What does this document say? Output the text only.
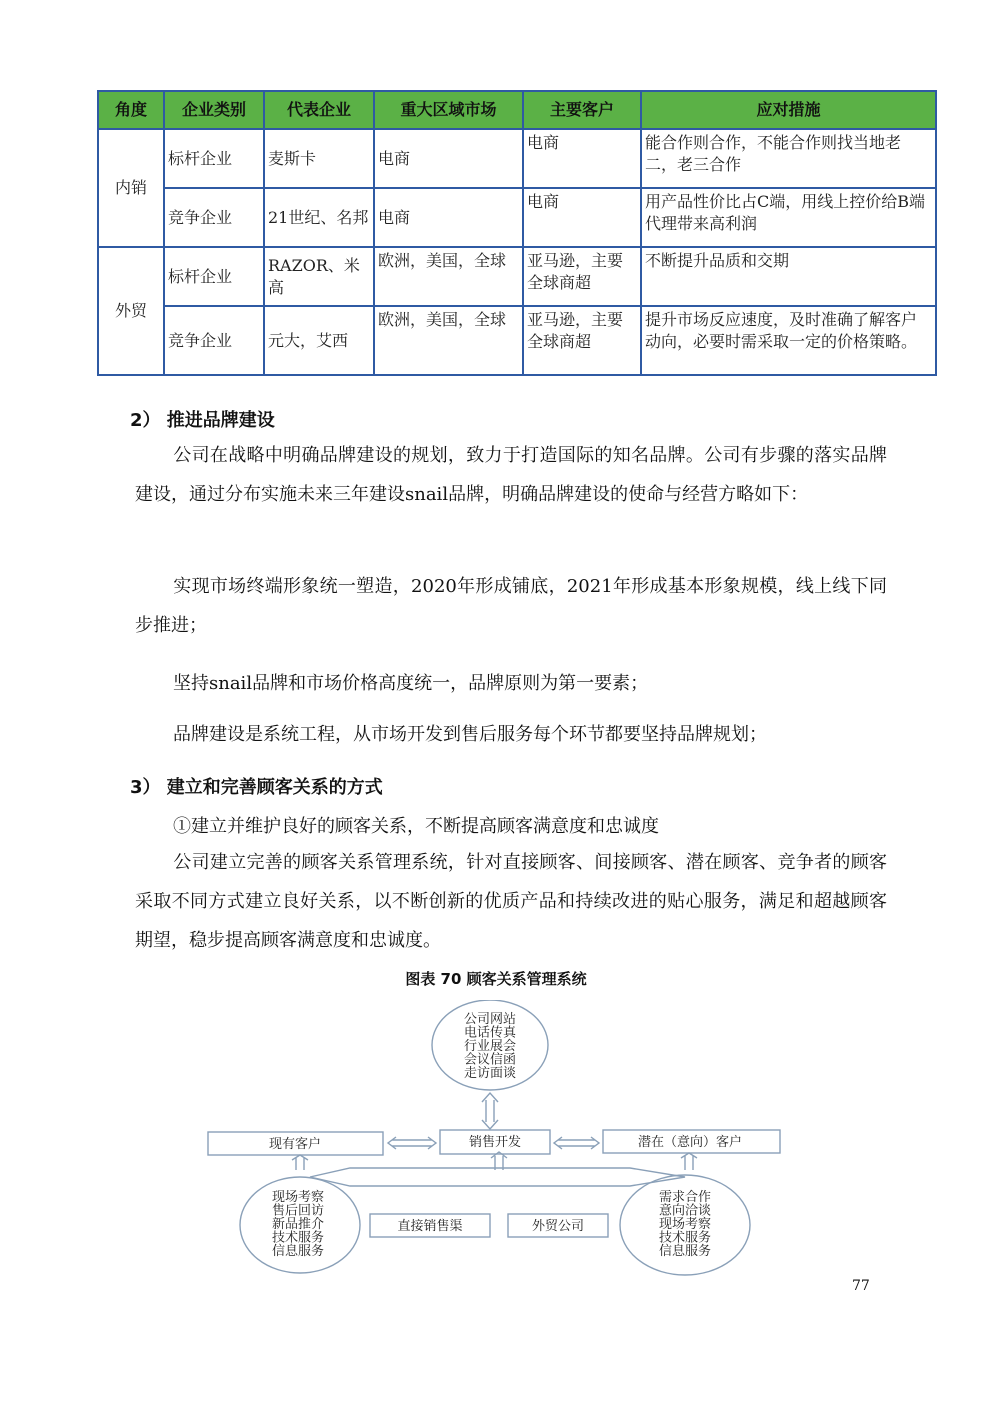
角度	企业类别	代表企业	重大区域市场	主要客户	应对措施
内销	标杆企业	麦斯卡	电商	电商	能合作则合作，不能合作则找当地老二，老三合作
	竞争企业	21世纪、名邦	电商	电商	用产品性价比占C端，用线上控价给B端代理带来高利润
外贸	标杆企业	RAZOR、米高	欧洲，美国，全球	亚马逊，主要全球商超	不断提升品质和交期
	竞争企业	元大，艾西	欧洲，美国，全球	亚马逊，主要全球商超	提升市场反应速度，及时准确了解客户动向，必要时需采取一定的价格策略。
2） 推进品牌建设
公司在战略中明确品牌建设的规划，致力于打造国际的知名品牌。公司有步骤的落实品牌建设，通过分布实施未来三年建设snail品牌，明确品牌建设的使命与经营方略如下：
实现市场终端形象统一塑造，2020年形成铺底，2021年形成基本形象规模，线上线下同步推进；
坚持snail品牌和市场价格高度统一，品牌原则为第一要素；
品牌建设是系统工程，从市场开发到售后服务每个环节都要坚持品牌规划；
3） 建立和完善顾客关系的方式
①建立并维护良好的顾客关系，不断提高顾客满意度和忠诚度
公司建立完善的顾客关系管理系统，针对直接顾客、间接顾客、潜在顾客、竞争者的顾客采取不同方式建立良好关系，以不断创新的优质产品和持续改进的贴心服务，满足和超越顾客期望，稳步提高顾客满意度和忠诚度。
图表 70 顾客关系管理系统
公司网站
电话传真
行业展会
会议信函
走访面谈
现场考察
售后回访
新品推介
技术服务
信息服务
需求合作
意向洽谈
现场考察
技术服务
信息服务
现有客户	销售开发	潜在（意向）客户
直接销售渠	外贸公司
77
